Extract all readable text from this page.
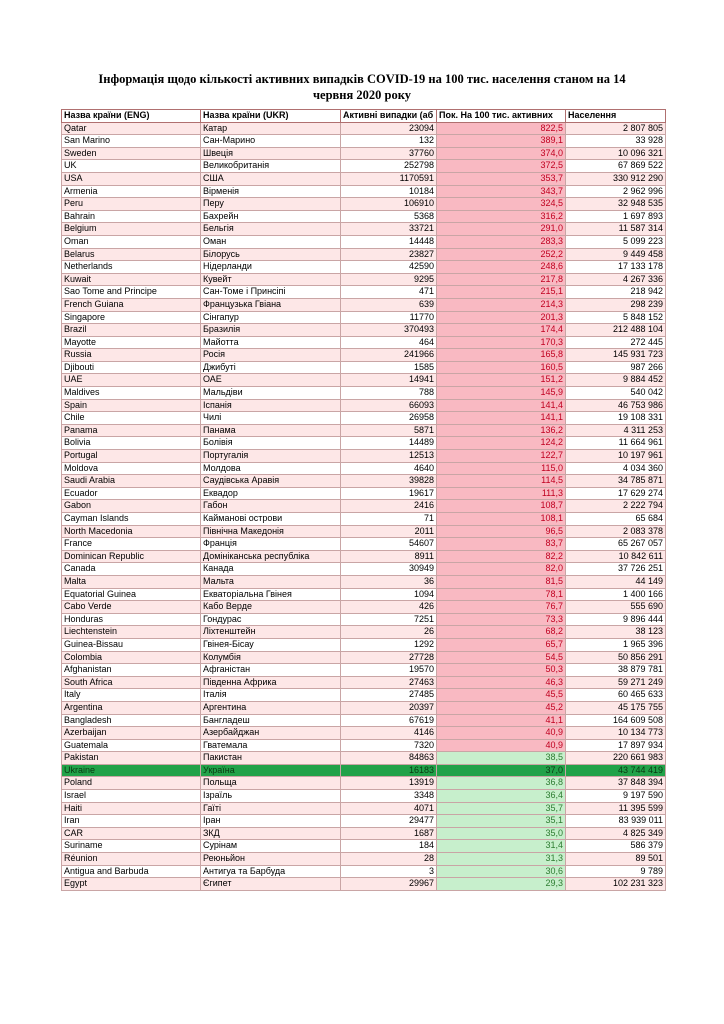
Інформація щодо кількості активних випадків COVID-19 на 100 тис. населення станом на 14
червня 2020 року
Назва країни (ENG)	Назва країни (UKR)	Активні випадки (аб	Пок. На 100 тис. активних	Населення
Qatar	Катар	23094	822,5	2 807 805
San Marino	Сан-Марино	132	389,1	33 928
Sweden	Швеція	37760	374,0	10 096 321
UK	Великобританія	252798	372,5	67 869 522
USA	США	1170591	353,7	330 912 290
Armenia	Вірменія	10184	343,7	2 962 996
Peru	Перу	106910	324,5	32 948 535
Bahrain	Бахрейн	5368	316,2	1 697 893
Belgium	Бельгія	33721	291,0	11 587 314
Oman	Оман	14448	283,3	5 099 223
Belarus	Білорусь	23827	252,2	9 449 458
Netherlands	Нідерланди	42590	248,6	17 133 178
Kuwait	Кувейт	9295	217,8	4 267 336
Sao Tome and Principe	Сан-Томе і Принсіпі	471	215,1	218 942
French Guiana	Французька Гвіана	639	214,3	298 239
Singapore	Сінгапур	11770	201,3	5 848 152
Brazil	Бразилія	370493	174,4	212 488 104
Mayotte	Майотта	464	170,3	272 445
Russia	Росія	241966	165,8	145 931 723
Djibouti	Джибуті	1585	160,5	987 266
UAE	ОАЕ	14941	151,2	9 884 452
Maldives	Мальдіви	788	145,9	540 042
Spain	Іспанія	66093	141,4	46 753 986
Chile	Чилі	26958	141,1	19 108 331
Panama	Панама	5871	136,2	4 311 253
Bolivia	Болівія	14489	124,2	11 664 961
Portugal	Португалія	12513	122,7	10 197 961
Moldova	Молдова	4640	115,0	4 034 360
Saudi Arabia	Саудівська Аравія	39828	114,5	34 785 871
Ecuador	Еквадор	19617	111,3	17 629 274
Gabon	Габон	2416	108,7	2 222 794
Cayman Islands	Кайманові острови	71	108,1	65 684
North Macedonia	Північна Македонія	2011	96,5	2 083 378
France	Франція	54607	83,7	65 267 057
Dominican Republic	Домініканська республіка	8911	82,2	10 842 611
Canada	Канада	30949	82,0	37 726 251
Malta	Мальта	36	81,5	44 149
Equatorial Guinea	Екваторіальна Гвінея	1094	78,1	1 400 166
Cabo Verde	Кабо Верде	426	76,7	555 690
Honduras	Гондурас	7251	73,3	9 896 444
Liechtenstein	Ліхтенштейн	26	68,2	38 123
Guinea-Bissau	Гвінея-Бісау	1292	65,7	1 965 396
Colombia	Колумбія	27728	54,5	50 856 291
Afghanistan	Афганістан	19570	50,3	38 879 781
South Africa	Південна Африка	27463	46,3	59 271 249
Italy	Італія	27485	45,5	60 465 633
Argentina	Аргентина	20397	45,2	45 175 755
Bangladesh	Бангладеш	67619	41,1	164 609 508
Azerbaijan	Азербайджан	4146	40,9	10 134 773
Guatemala	Гватемала	7320	40,9	17 897 934
Pakistan	Пакистан	84863	38,5	220 661 983
Ukraine	Україна	16183	37,0	43 744 419
Poland	Польща	13919	36,8	37 848 394
Israel	Ізраїль	3348	36,4	9 197 590
Haiti	Гаїті	4071	35,7	11 395 599
Iran	Іран	29477	35,1	83 939 011
CAR	ЗКД	1687	35,0	4 825 349
Suriname	Сурінам	184	31,4	586 379
Réunion	Реюньйон	28	31,3	89 501
Antigua and Barbuda	Антигуа та Барбуда	3	30,6	9 789
Egypt	Єгипет	29967	29,3	102 231 323
